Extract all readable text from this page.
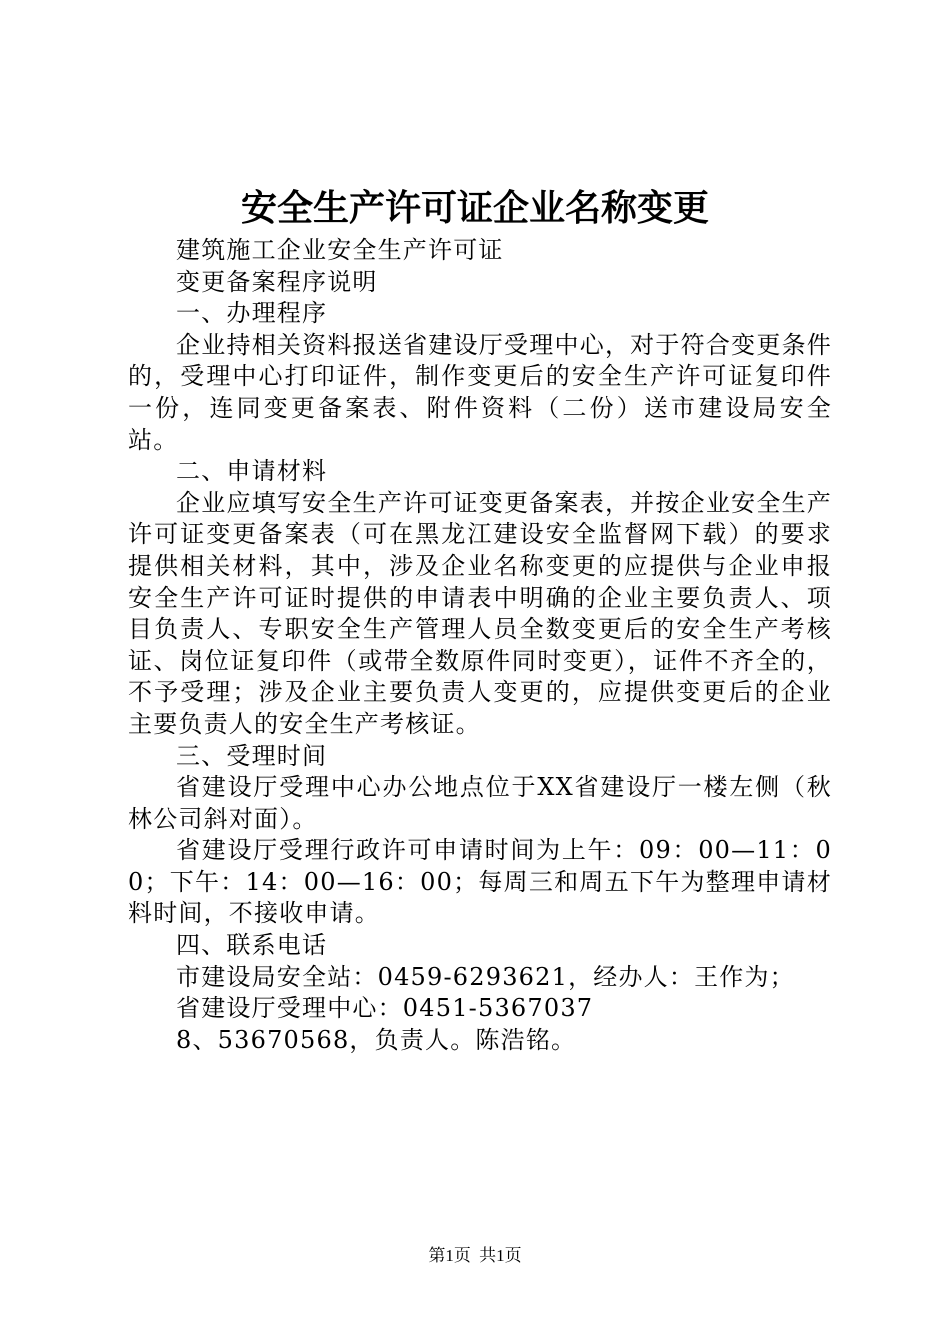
安全生产许可证企业名称变更

建筑施工企业安全生产许可证

变更备案程序说明

一、办理程序

企业持相关资料报送省建设厅受理中心，对于符合变更条件的，受理中心打印证件，制作变更后的安全生产许可证复印件一份，连同变更备案表、附件资料（二份）送市建设局安全站。

二、申请材料

企业应填写安全生产许可证变更备案表，并按企业安全生产许可证变更备案表（可在黑龙江建设安全监督网下载）的要求提供相关材料，其中，涉及企业名称变更的应提供与企业申报安全生产许可证时提供的申请表中明确的企业主要负责人、项目负责人、专职安全生产管理人员全数变更后的安全生产考核证、岗位证复印件（或带全数原件同时变更），证件不齐全的，不予受理；涉及企业主要负责人变更的，应提供变更后的企业主要负责人的安全生产考核证。

三、受理时间

省建设厅受理中心办公地点位于XX省建设厅一楼左侧（秋林公司斜对面）。

省建设厅受理行政许可申请时间为上午：09：00—11：00；下午：14：00—16：00；每周三和周五下午为整理申请材料时间，不接收申请。

四、联系电话

市建设局安全站：0459-6293621，经办人：王作为；

省建设厅受理中心：0451-5367037

8、53670568，负责人。陈浩铭。

第1页 共1页
